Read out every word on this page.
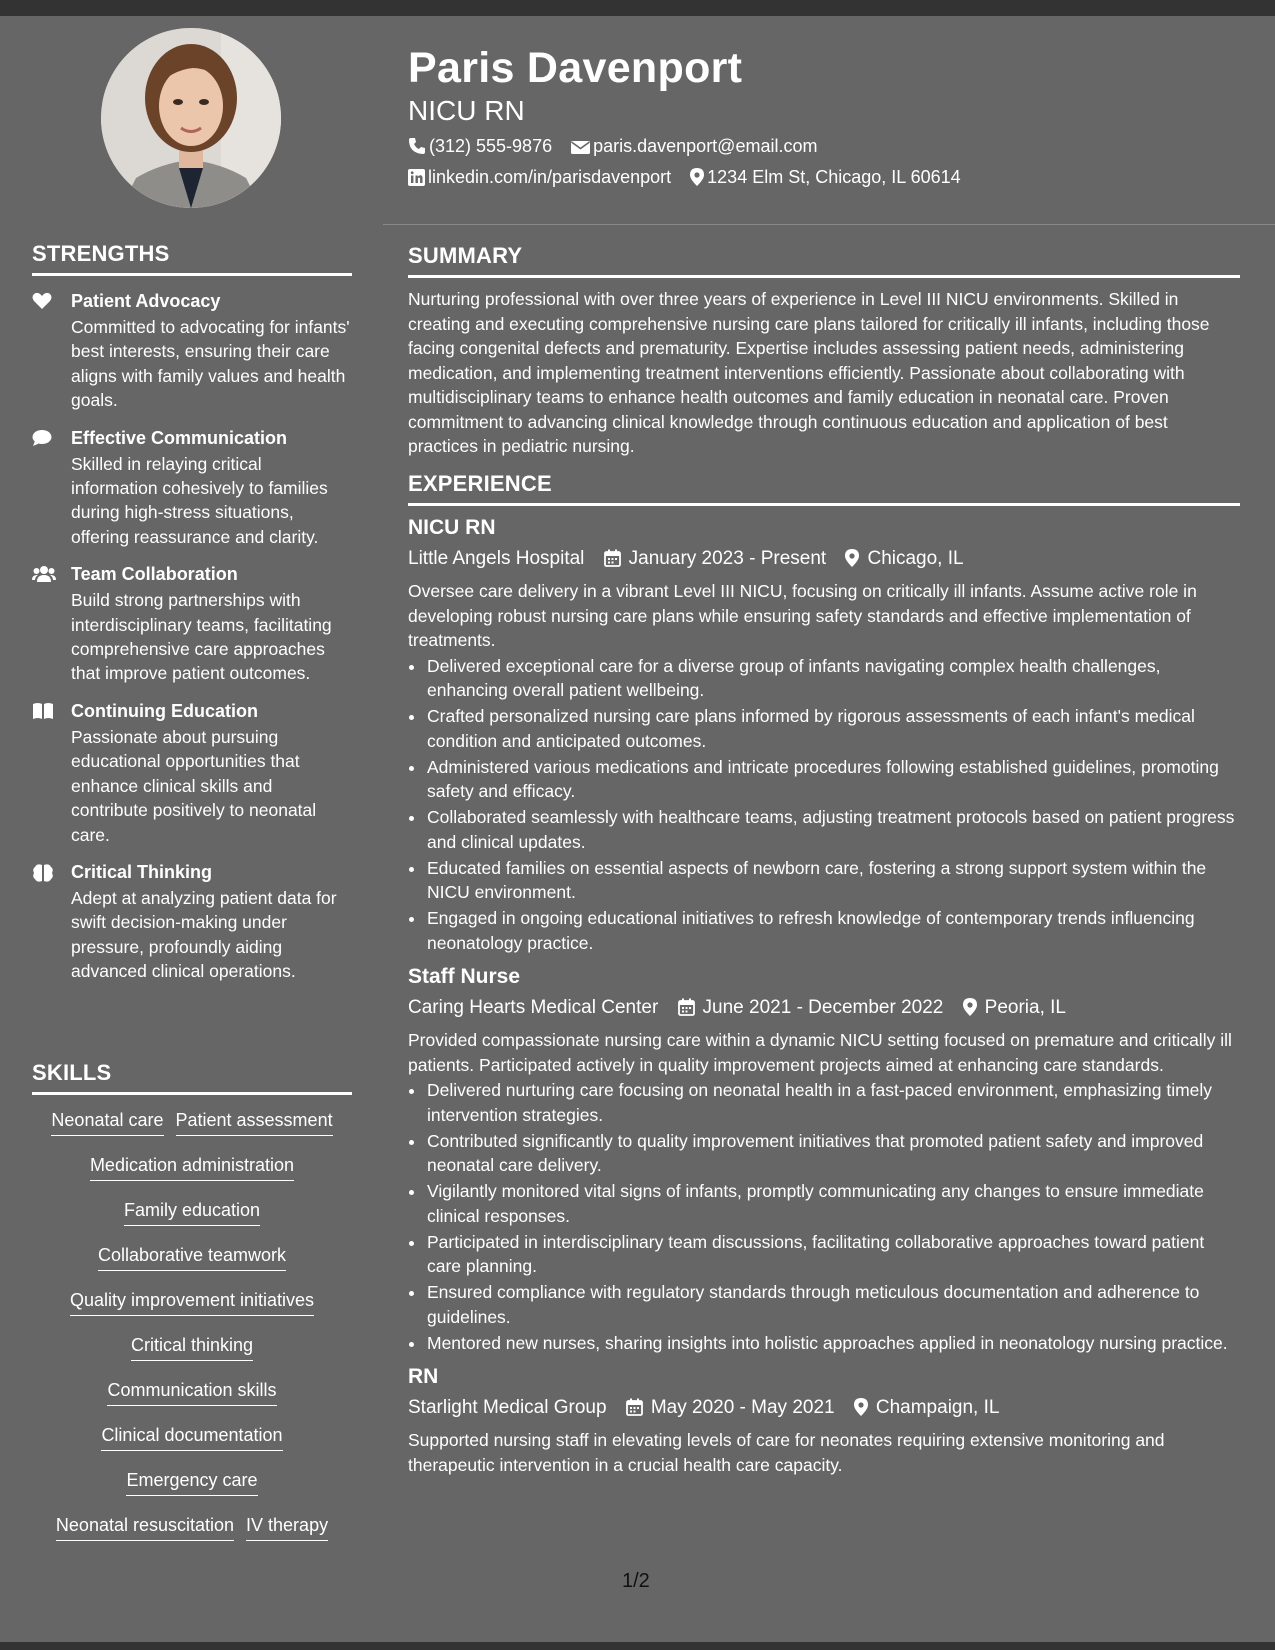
STRENGTHS
Patient Advocacy
Committed to advocating for infants' best interests, ensuring their care aligns with family values and health goals.
Effective Communication
Skilled in relaying critical information cohesively to families during high-stress situations, offering reassurance and clarity.
Team Collaboration
Build strong partnerships with interdisciplinary teams, facilitating comprehensive care approaches that improve patient outcomes.
Continuing Education
Passionate about pursuing educational opportunities that enhance clinical skills and contribute positively to neonatal care.
Critical Thinking
Adept at analyzing patient data for swift decision-making under pressure, profoundly aiding advanced clinical operations.
SKILLS
Neonatal care Patient assessment
Medication administration
Family education
Collaborative teamwork
Quality improvement initiatives
Critical thinking
Communication skills
Clinical documentation
Emergency care
Neonatal resuscitation IV therapy
Paris Davenport
NICU RN
(312) 555-9876 paris.davenport@email.com
linkedin.com/in/parisdavenport 1234 Elm St, Chicago, IL 60614
SUMMARY
Nurturing professional with over three years of experience in Level III NICU environments. Skilled in creating and executing comprehensive nursing care plans tailored for critically ill infants, including those facing congenital defects and prematurity. Expertise includes assessing patient needs, administering medication, and implementing treatment interventions efficiently. Passionate about collaborating with multidisciplinary teams to enhance health outcomes and family education in neonatal care. Proven commitment to advancing clinical knowledge through continuous education and application of best practices in pediatric nursing.
EXPERIENCE
NICU RN
Little Angels Hospital January 2023 - Present Chicago, IL
Oversee care delivery in a vibrant Level III NICU, focusing on critically ill infants. Assume active role in developing robust nursing care plans while ensuring safety standards and effective implementation of treatments.
• Delivered exceptional care for a diverse group of infants navigating complex health challenges, enhancing overall patient wellbeing.
• Crafted personalized nursing care plans informed by rigorous assessments of each infant's medical condition and anticipated outcomes.
• Administered various medications and intricate procedures following established guidelines, promoting safety and efficacy.
• Collaborated seamlessly with healthcare teams, adjusting treatment protocols based on patient progress and clinical updates.
• Educated families on essential aspects of newborn care, fostering a strong support system within the NICU environment.
• Engaged in ongoing educational initiatives to refresh knowledge of contemporary trends influencing neonatology practice.
Staff Nurse
Caring Hearts Medical Center June 2021 - December 2022 Peoria, IL
Provided compassionate nursing care within a dynamic NICU setting focused on premature and critically ill patients. Participated actively in quality improvement projects aimed at enhancing care standards.
• Delivered nurturing care focusing on neonatal health in a fast-paced environment, emphasizing timely intervention strategies.
• Contributed significantly to quality improvement initiatives that promoted patient safety and improved neonatal care delivery.
• Vigilantly monitored vital signs of infants, promptly communicating any changes to ensure immediate clinical responses.
• Participated in interdisciplinary team discussions, facilitating collaborative approaches toward patient care planning.
• Ensured compliance with regulatory standards through meticulous documentation and adherence to guidelines.
• Mentored new nurses, sharing insights into holistic approaches applied in neonatology nursing practice.
RN
Starlight Medical Group May 2020 - May 2021 Champaign, IL
Supported nursing staff in elevating levels of care for neonates requiring extensive monitoring and therapeutic intervention in a crucial health care capacity.
1/2
